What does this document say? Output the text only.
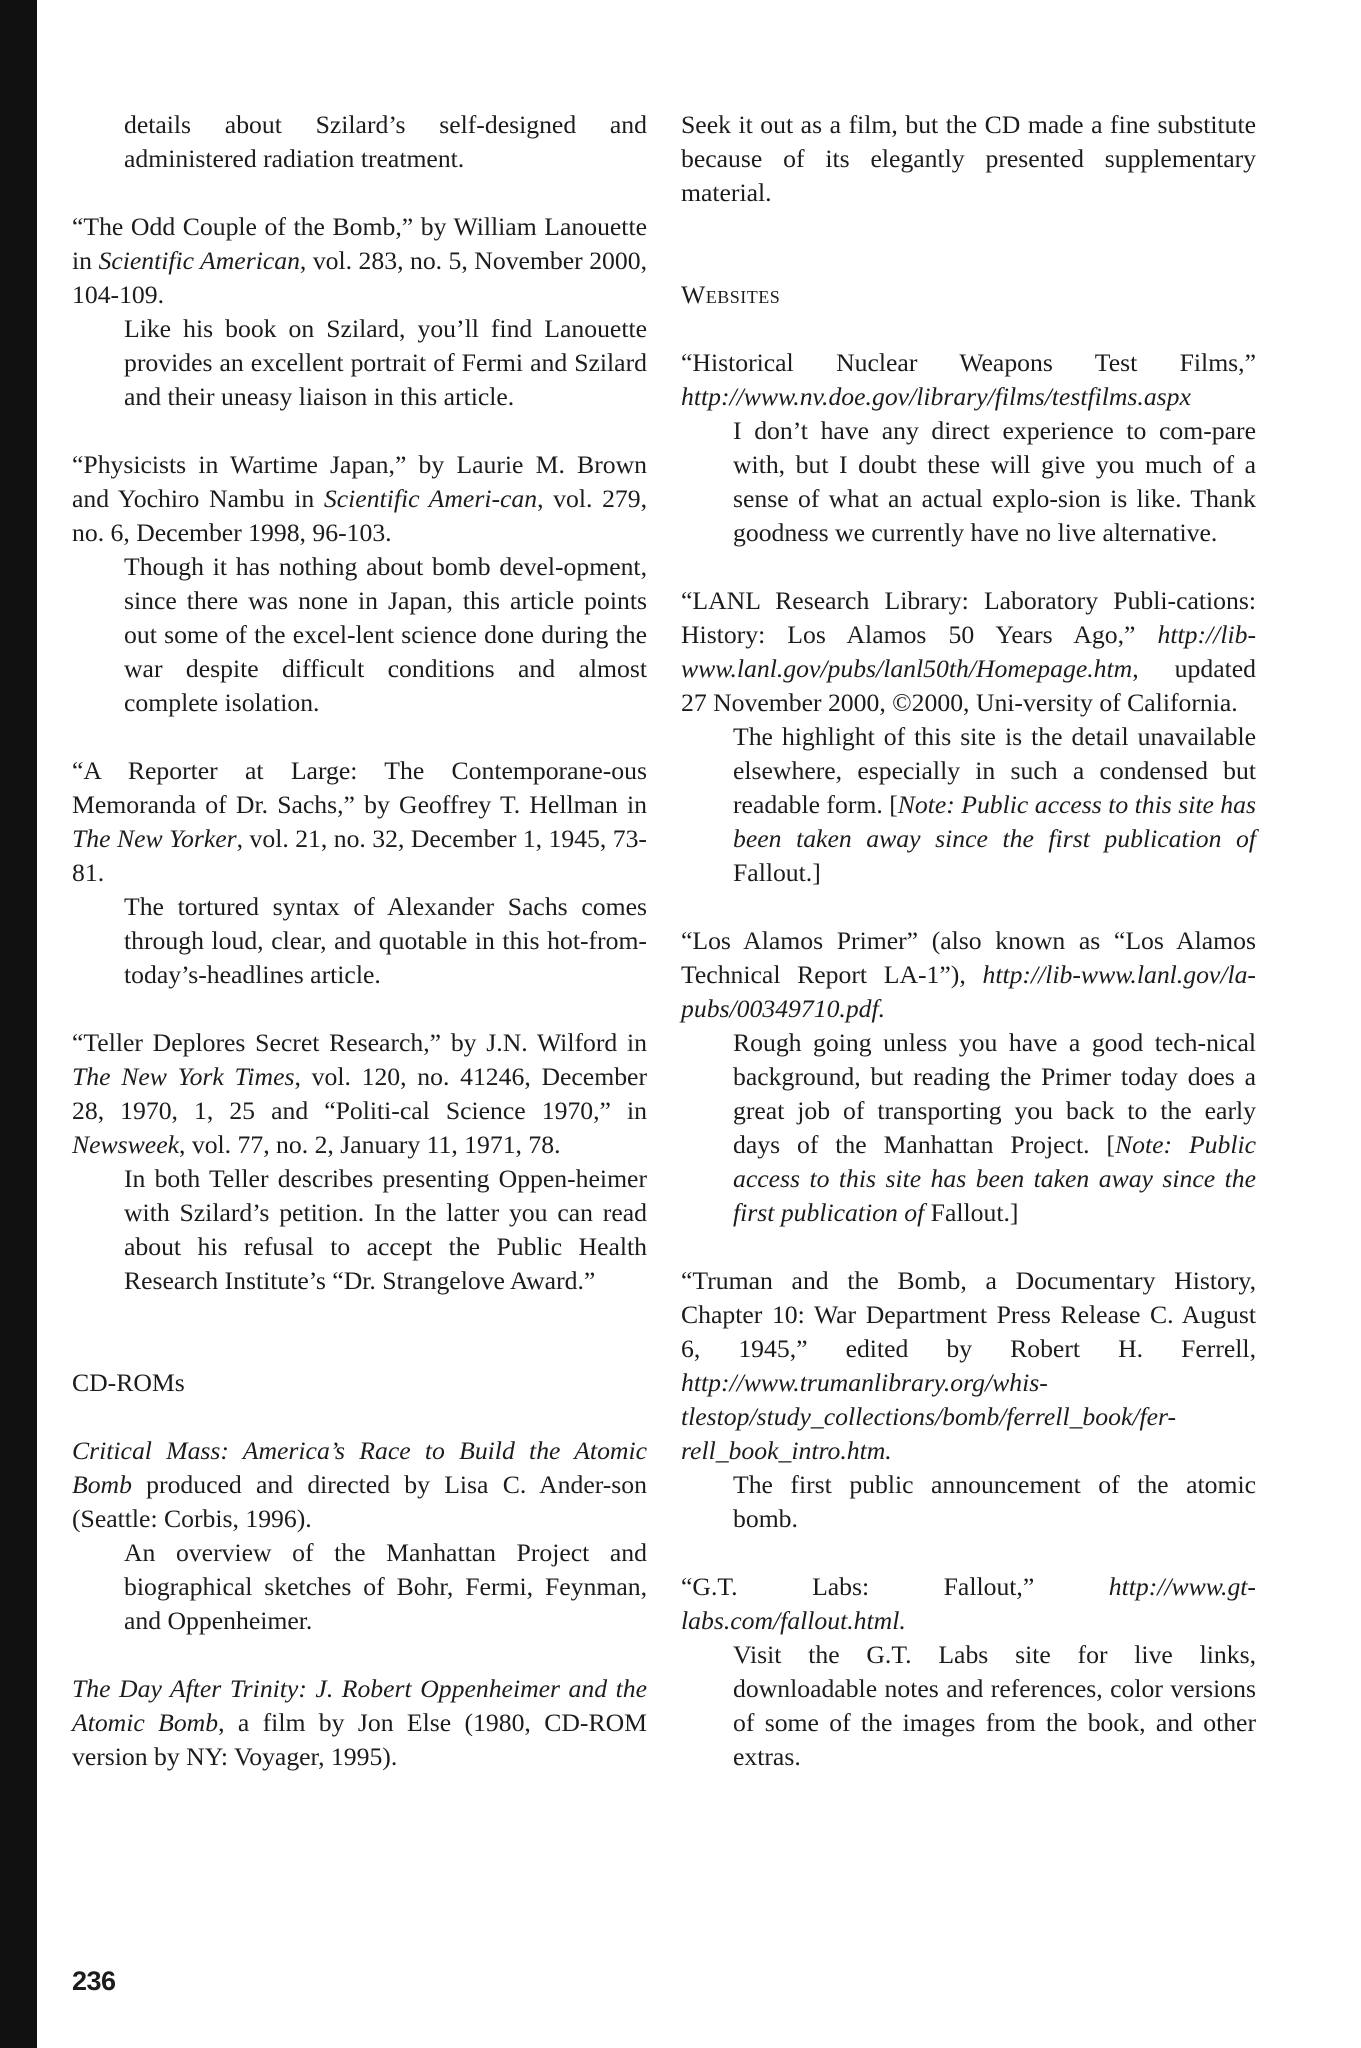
details about Szilard’s self-designed and administered radiation treatment.

“The Odd Couple of the Bomb,” by William Lanouette in Scientific American, vol. 283, no. 5, November 2000, 104-109.

Like his book on Szilard, you’ll find Lanouette provides an excellent portrait of Fermi and Szilard and their uneasy liaison in this article.

“Physicists in Wartime Japan,” by Laurie M. Brown and Yochiro Nambu in Scientific Ameri-can, vol. 279, no. 6, December 1998, 96-103.

Though it has nothing about bomb devel-opment, since there was none in Japan, this article points out some of the excel-lent science done during the war despite difficult conditions and almost complete isolation.

“A Reporter at Large: The Contemporane-ous Memoranda of Dr. Sachs,” by Geoffrey T. Hellman in The New Yorker, vol. 21, no. 32, December 1, 1945, 73-81.

The tortured syntax of Alexander Sachs comes through loud, clear, and quotable in this hot-from-today’s-headlines article.

“Teller Deplores Secret Research,” by J.N. Wilford in The New York Times, vol. 120, no. 41246, December 28, 1970, 1, 25 and “Politi-cal Science 1970,” in Newsweek, vol. 77, no. 2, January 11, 1971, 78.

In both Teller describes presenting Oppen-heimer with Szilard’s petition. In the latter you can read about his refusal to accept the Public Health Research Institute’s “Dr. Strangelove Award.”

CD-ROMs

Critical Mass: America’s Race to Build the Atomic Bomb produced and directed by Lisa C. Ander-son (Seattle: Corbis, 1996).

An overview of the Manhattan Project and biographical sketches of Bohr, Fermi, Feynman, and Oppenheimer.

The Day After Trinity: J. Robert Oppenheimer and the Atomic Bomb, a film by Jon Else (1980, CD-ROM version by NY: Voyager, 1995).

Seek it out as a film, but the CD made a fine substitute because of its elegantly presented supplementary material.

Websites

“Historical Nuclear Weapons Test Films,” http://www.nv.doe.gov/library/films/testfilms.aspx

I don’t have any direct experience to com-pare with, but I doubt these will give you much of a sense of what an actual explo-sion is like. Thank goodness we currently have no live alternative.

“LANL Research Library: Laboratory Publi-cations: History: Los Alamos 50 Years Ago,” http://lib-www.lanl.gov/pubs/lanl50th/Homepage.htm, updated 27 November 2000, ©2000, Uni-versity of California.

The highlight of this site is the detail unavailable elsewhere, especially in such a condensed but readable form. [Note: Public access to this site has been taken away since the first publication of Fallout.]

“Los Alamos Primer” (also known as “Los Alamos Technical Report LA-1”), http://lib-www.lanl.gov/la-pubs/00349710.pdf.

Rough going unless you have a good tech-nical background, but reading the Primer today does a great job of transporting you back to the early days of the Manhattan Project. [Note: Public access to this site has been taken away since the first publication of Fallout.]

“Truman and the Bomb, a Documentary History, Chapter 10: War Department Press Release C. August 6, 1945,” edited by Robert H. Ferrell, http://www.trumanlibrary.org/whis-tlestop/study_collections/bomb/ferrell_book/fer-rell_book_intro.htm.

The first public announcement of the atomic bomb.

“G.T. Labs: Fallout,” http://www.gt-labs.com/fallout.html.

Visit the G.T. Labs site for live links, downloadable notes and references, color versions of some of the images from the book, and other extras.

236
